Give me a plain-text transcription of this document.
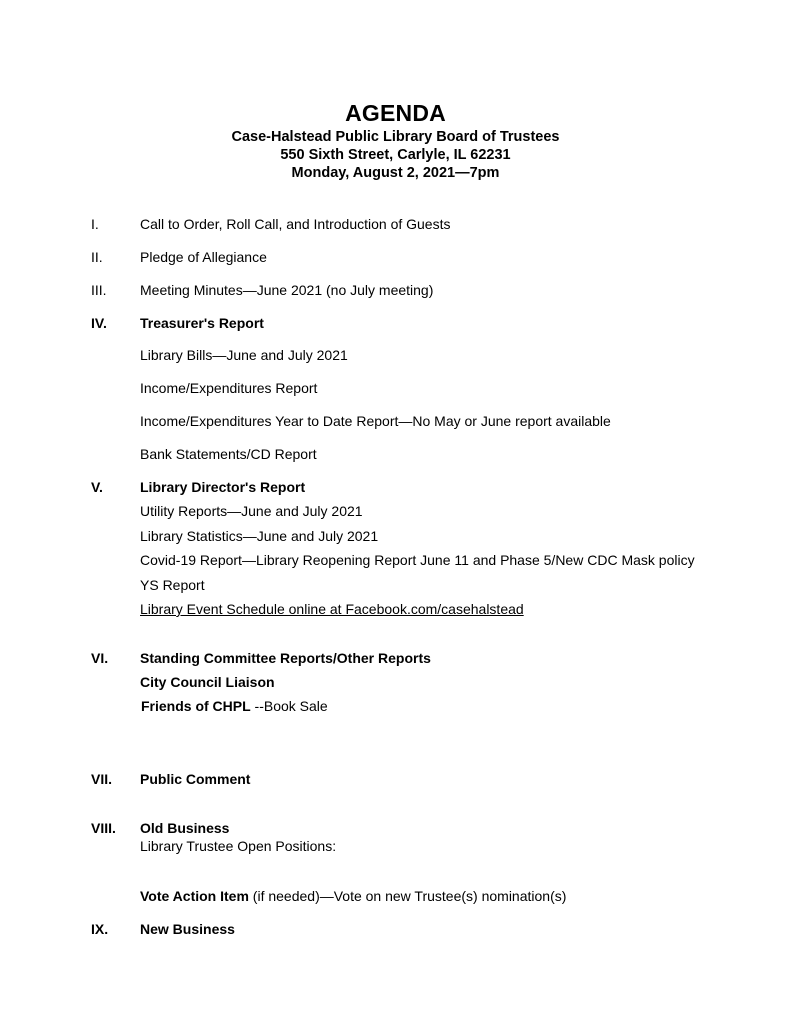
AGENDA
Case-Halstead Public Library Board of Trustees
550 Sixth Street, Carlyle, IL 62231
Monday, August 2, 2021—7pm
I.	Call to Order, Roll Call, and Introduction of Guests
II.	Pledge of Allegiance
III. Meeting Minutes—June 2021 (no July meeting)
IV. Treasurer's Report
Library Bills—June and July 2021
Income/Expenditures Report
Income/Expenditures Year to Date Report—No May or June report available
Bank Statements/CD Report
V.	Library Director's Report
Utility Reports—June and July 2021
Library Statistics—June and July 2021
Covid-19 Report—Library Reopening Report June 11 and Phase 5/New CDC Mask policy
YS Report
Library Event Schedule online at Facebook.com/casehalstead
VI. Standing Committee Reports/Other Reports
City Council Liaison
Friends of CHPL --Book Sale
VII. Public Comment
VIII. Old Business
Library Trustee Open Positions:
Vote Action Item (if needed)—Vote on new Trustee(s) nomination(s)
IX. New Business
